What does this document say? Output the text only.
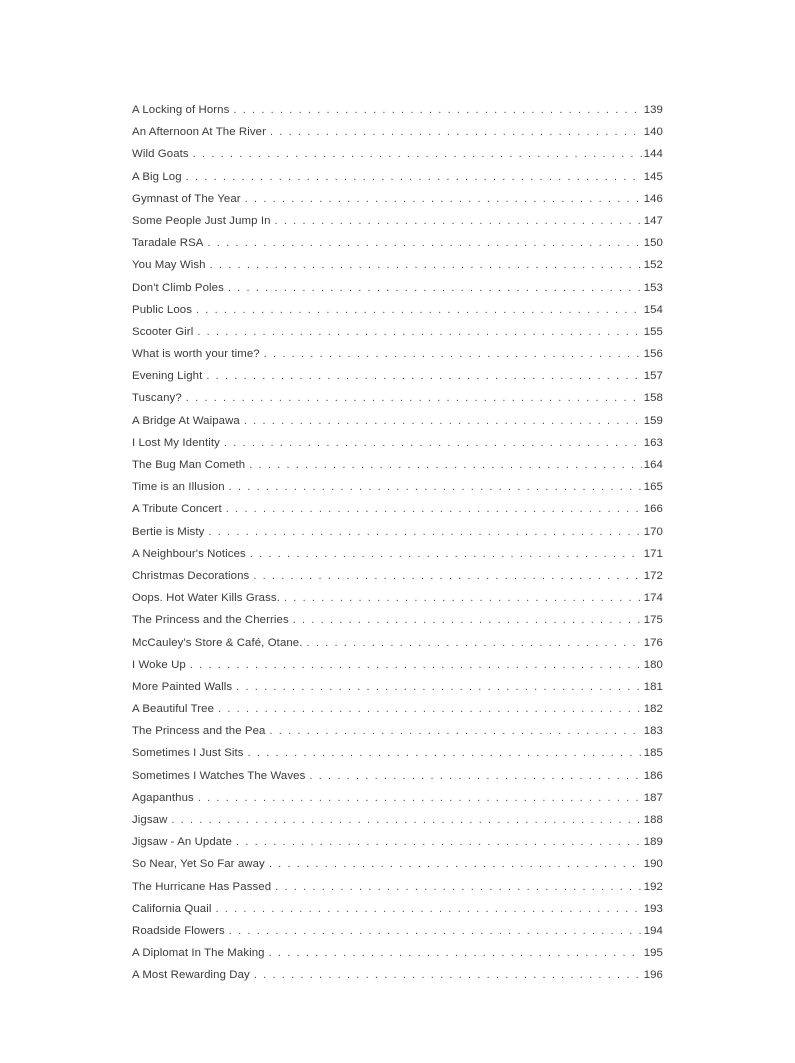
A Locking of Horns . . .	139
An Afternoon At The River . . .	140
Wild Goats . . .	144
A Big Log . . .	145
Gymnast of The Year . . .	146
Some People Just Jump In . . .	147
Taradale RSA . . .	150
You May Wish . . .	152
Don't Climb Poles . . .	153
Public Loos . . .	154
Scooter Girl . . .	155
What is worth your time? . . .	156
Evening Light . . .	157
Tuscany? . . .	158
A Bridge At Waipawa . . .	159
I Lost My Identity . . .	163
The Bug Man Cometh . . .	164
Time is an Illusion . . .	165
A Tribute Concert . . .	166
Bertie is Misty . . .	170
A Neighbour's Notices . . .	171
Christmas Decorations . . .	172
Oops. Hot Water Kills Grass. . . .	174
The Princess and the Cherries . . .	175
McCauley's Store & Café, Otane. . . .	176
I Woke Up . . .	180
More Painted Walls . . .	181
A Beautiful Tree . . .	182
The Princess and the Pea . . .	183
Sometimes I Just Sits . . .	185
Sometimes I Watches The Waves . . .	186
Agapanthus . . .	187
Jigsaw . . .	188
Jigsaw - An Update . . .	189
So Near, Yet So Far away . . .	190
The Hurricane Has Passed . . .	192
California Quail . . .	193
Roadside Flowers . . .	194
A Diplomat In The Making . . .	195
A Most Rewarding Day . . .	196
